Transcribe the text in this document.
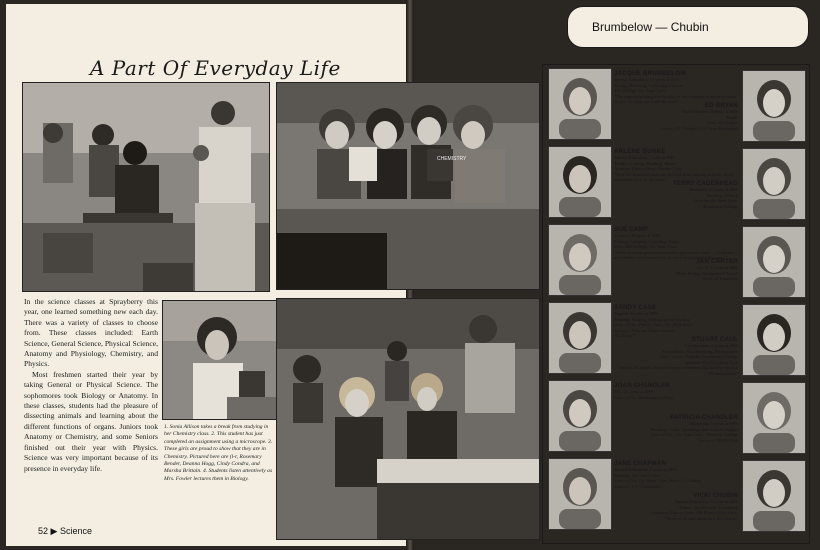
A Part Of Everyday Life
CHEMISTRY

In the science classes at Sprayberry this year, one learned something new each day. There was a variety of classes to choose from. These classes included: Earth Science, General Science, Physical Science, Anatomy and Physiology, Chemistry, and Physics.

Most freshmen started their year by taking General or Physical Science. The sophomores took Biology or Anatomy. In these classes, students had the pleasure of dissecting animals and learning about the different functions of organs. Juniors took Anatomy or Chemistry, and some Seniors finished out their year with Physics. Science was very important because of its presence in everyday life.

1. Sonia Allison takes a break from studying in her Chemistry class. 2. This student has just completed an assignment using a microscope. 3. These girls are proud to show that they are in Chemistry. Pictured here are (l-r, Rosemary Bender, Deanna Hogg, Cindy Condra, and Marsha Brittain. 4. Students listen attentively as Mrs. Fowler lectures them in Biology.
52 ▶ Science
Brumbelow — Chubin
JACQUE BRUMBELOW
Special Education; 11 years at SHS
Acting, Directing, Collecting Clowns
Tift College, Ga. State Univ.
"The important thing is to be able at any moment to sacrifice what we are for what we could become!"
ED BRYAN
Social Studies; 8 years at SHS
Tennis
Univ. of Georgia
Coach, J.V. Football, J.V. Boys Basketball
ARLENE BURKE
Special Education; 1 year at SHS
Tennis, Cooking, Reading, Music
Northern Illinois Univ., Purdue Univ.
"Note the beautiful harmony derived from playing both the black and white keys on the piano."
TERRY CADENHEAD
Business; 10 years at SHS
Hunting, Fishing
Jacksonville State Univ.
Kennesaw College
SUE CAMP
Science; 20 years at SHS
Fishing, Camping, Coaching Youth
Mars Hill College, Ga. State Univ.
"When that one great scorer writes against our name — it matters not whether you won or lost, but how you planned the game."
JAN CARTER
A.L.P.; 5 years at SHS
Water Skiing, Racquetball, Travel
Univ. of Tennessee
SANDY CASE
English; 8 years at SHS
Reading, Singing, Taking care of my dog
Univ. of Ga., Emory Univ., Ga. State Univ.
Sponsor: National Honor Society
"Go Dogs!"
STUART CAUL
Construction; 2 years at SHS
Racquetball, Woodworking, Photography
Univ. of Ga., DeKalb Community College
Sponsor: Woodworking Club
"Tell me I'll forget, show me I may remember, but involve me and I'll understand."
JOAN CHANDLER
P.E.; 10 years at SHS
Univ. of Ga., Kennesaw College
PATRICIA CHANDLER
Marketing; 5 years at SHS
Reading, Crafts, Spending time with my family
Univ. of Ga., Ga. State Univ., West Ga. College
Sponsor: DECA Club
JANE CHAPMAN
Special Education; 5 years at SHS
Reading, Arts and Crafts
Univ. of Ga., Ga. State Univ., West Ga. College
Sponsor: J.V. Cheerleaders
VICKI CHUBIN
Special Education; 6 years at SHS
Tennis, Needlework, Gardening
Southern Illinois Univ., NE Illinois State Univ.
"There is no such thing as a free lunch."
